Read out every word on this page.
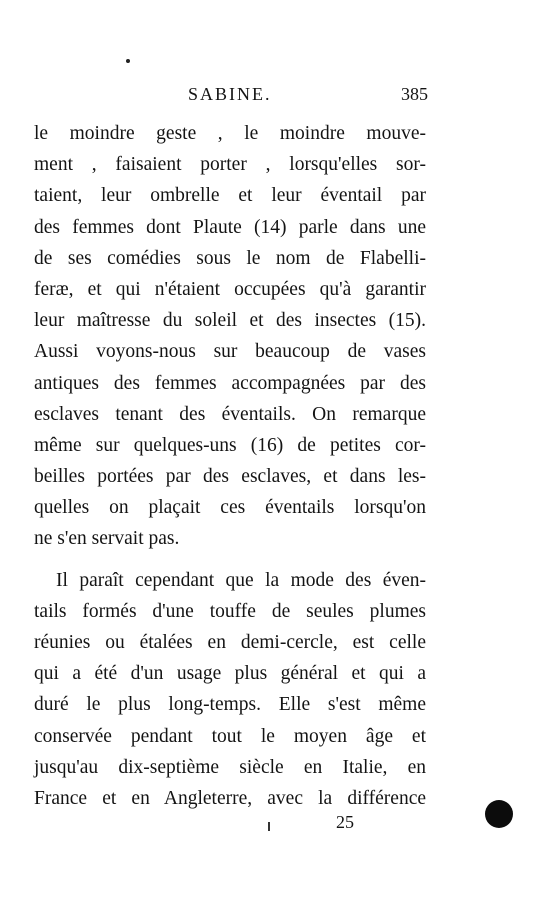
SABINE.	385
le moindre geste , le moindre mouve-
ment , faisaient porter , lorsqu'elles sor-
taient, leur ombrelle et leur éventail par
des femmes dont Plaute (14) parle dans une
de ses comédies sous le nom de Flabelli-
feræ, et qui n'étaient occupées qu'à garantir
leur maîtresse du soleil et des insectes (15).
Aussi voyons-nous sur beaucoup de vases
antiques des femmes accompagnées par des
esclaves tenant des éventails. On remarque
même sur quelques-uns (16) de petites cor-
beilles portées par des esclaves, et dans les-
quelles on plaçait ces éventails lorsqu'on
ne s'en servait pas.
Il paraît cependant que la mode des éven-
tails formés d'une touffe de seules plumes
réunies ou étalées en demi-cercle, est celle
qui a été d'un usage plus général et qui a
duré le plus long-temps. Elle s'est même
conservée pendant tout le moyen âge et
jusqu'au dix-septième siècle en Italie, en
France et en Angleterre, avec la différence
25
